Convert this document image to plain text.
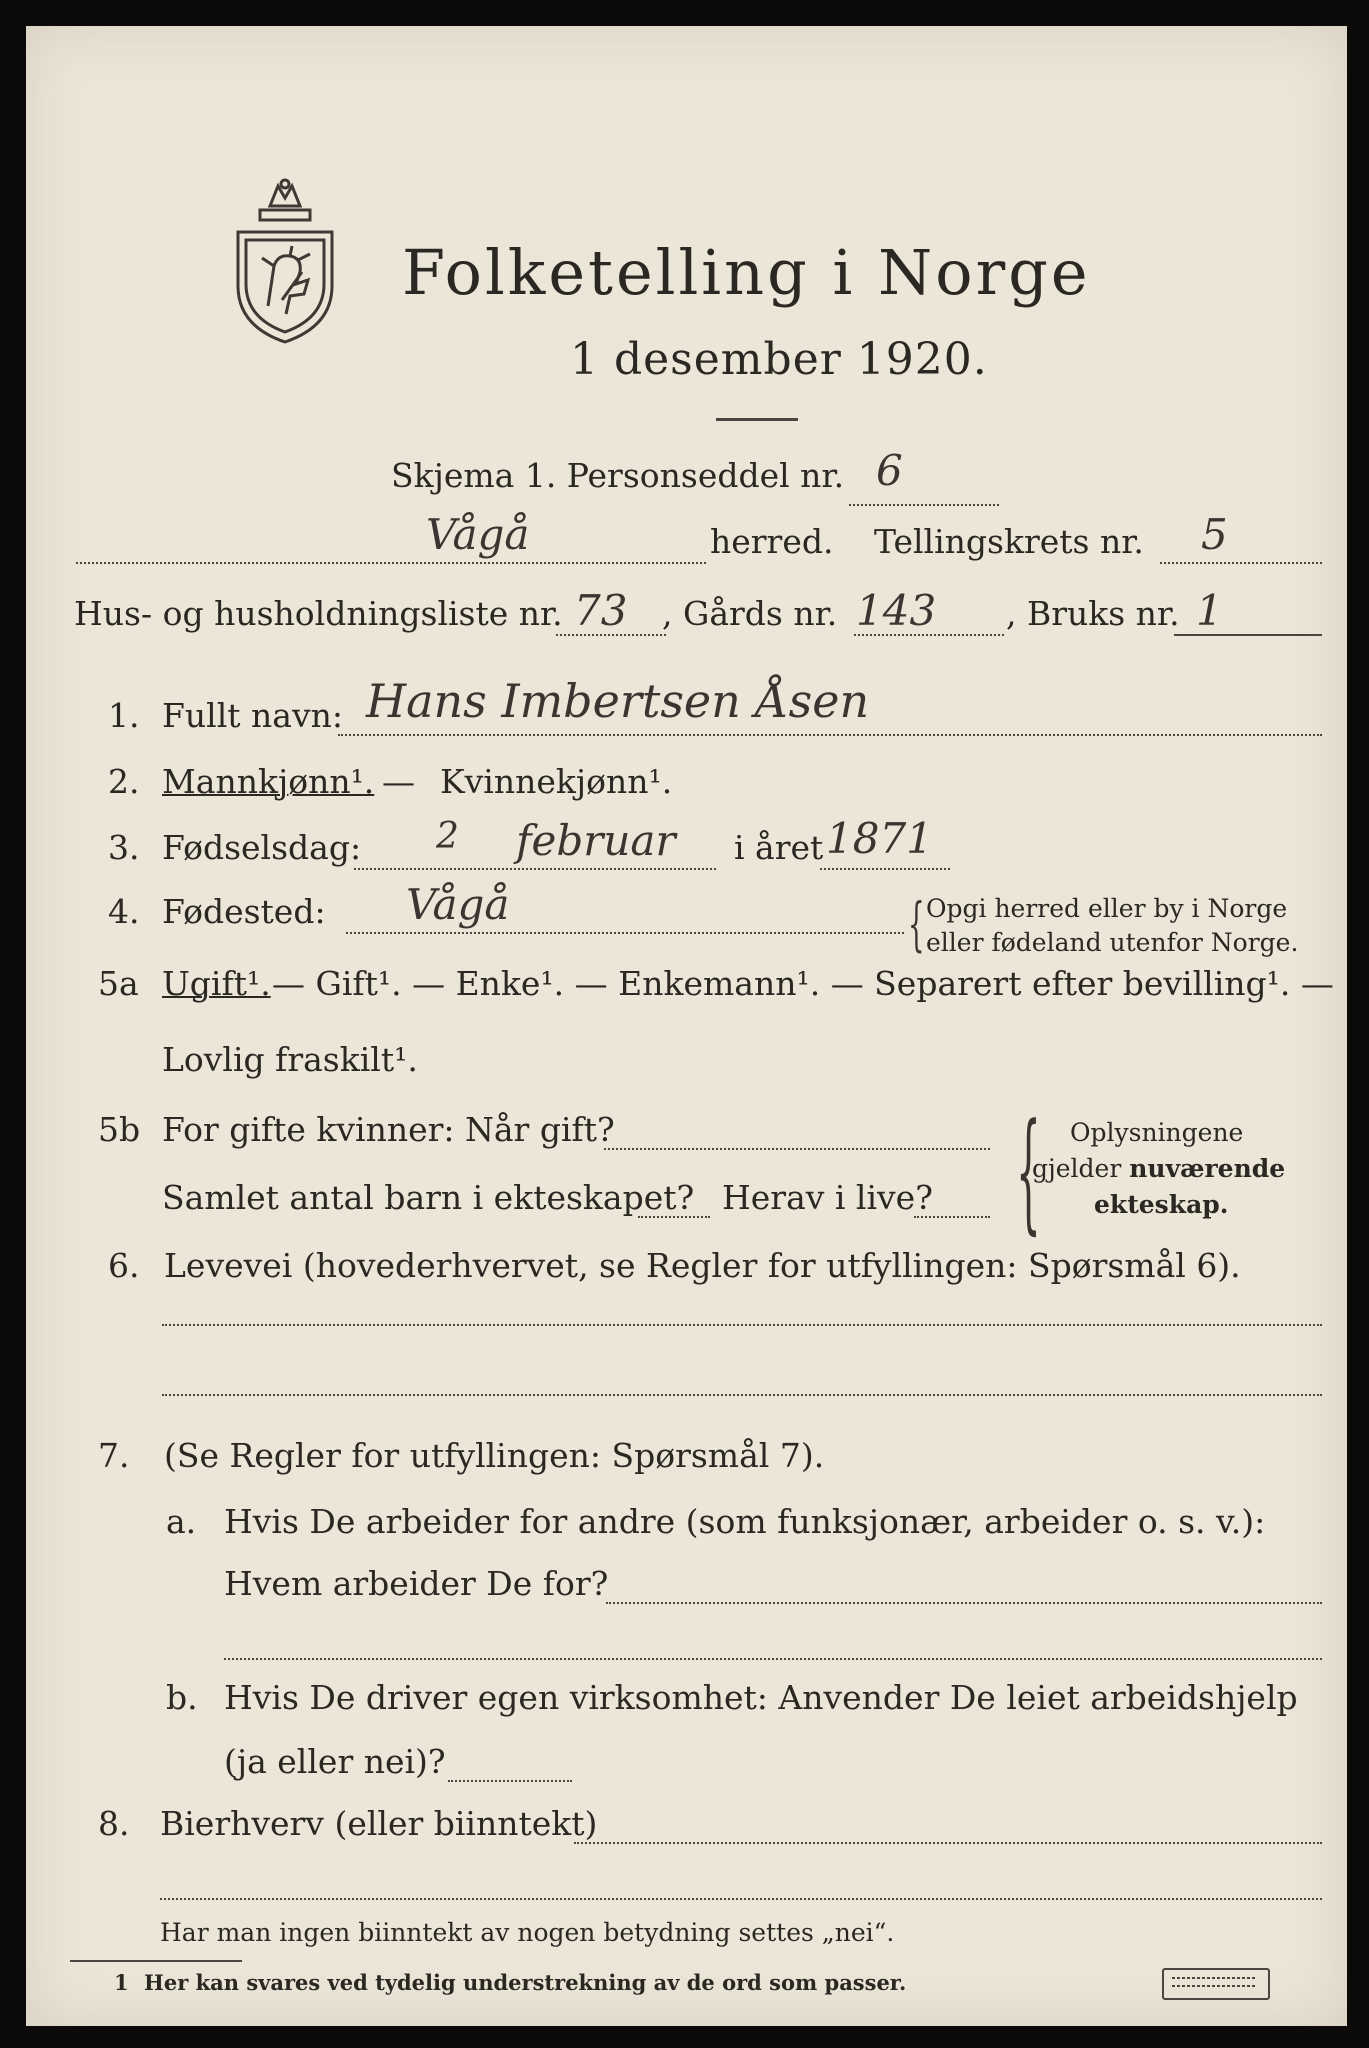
Folketelling i Norge
1 desember 1920.
Skjema 1. Personseddel nr. 6
Vågå	herred. Tellingskrets nr. 5
Hus- og husholdningsliste nr. 73 , Gårds nr. 143 , Bruks nr. 1
1. Fullt navn: Hans Imbertsen Åsen
2. Mannkjønn¹. — Kvinnekjønn¹.
3. Fødselsdag: 2 februar i året 1871
4. Fødested: Vågå	{ Opgi herred eller by i Norge
eller fødeland utenfor Norge.
5a Ugift¹. — Gift¹. — Enke¹. — Enkemann¹. — Separert efter bevilling¹. —
Lovlig fraskilt¹.
5b For gifte kvinner: Når gift?
Samlet antal barn i ekteskapet? Herav i live? { Oplysningene
gjelder nuværende
ekteskap.
6. Levevei (hovederhvervet, se Regler for utfyllingen: Spørsmål 6).
7. (Se Regler for utfyllingen: Spørsmål 7).
a. Hvis De arbeider for andre (som funksjonær, arbeider o. s. v.):
Hvem arbeider De for?
b. Hvis De driver egen virksomhet: Anvender De leiet arbeidshjelp
(ja eller nei)?
8. Bierhverv (eller biinntekt)
Har man ingen biinntekt av nogen betydning settes „nei“.
1 Her kan svares ved tydelig understrekning av de ord som passer.
